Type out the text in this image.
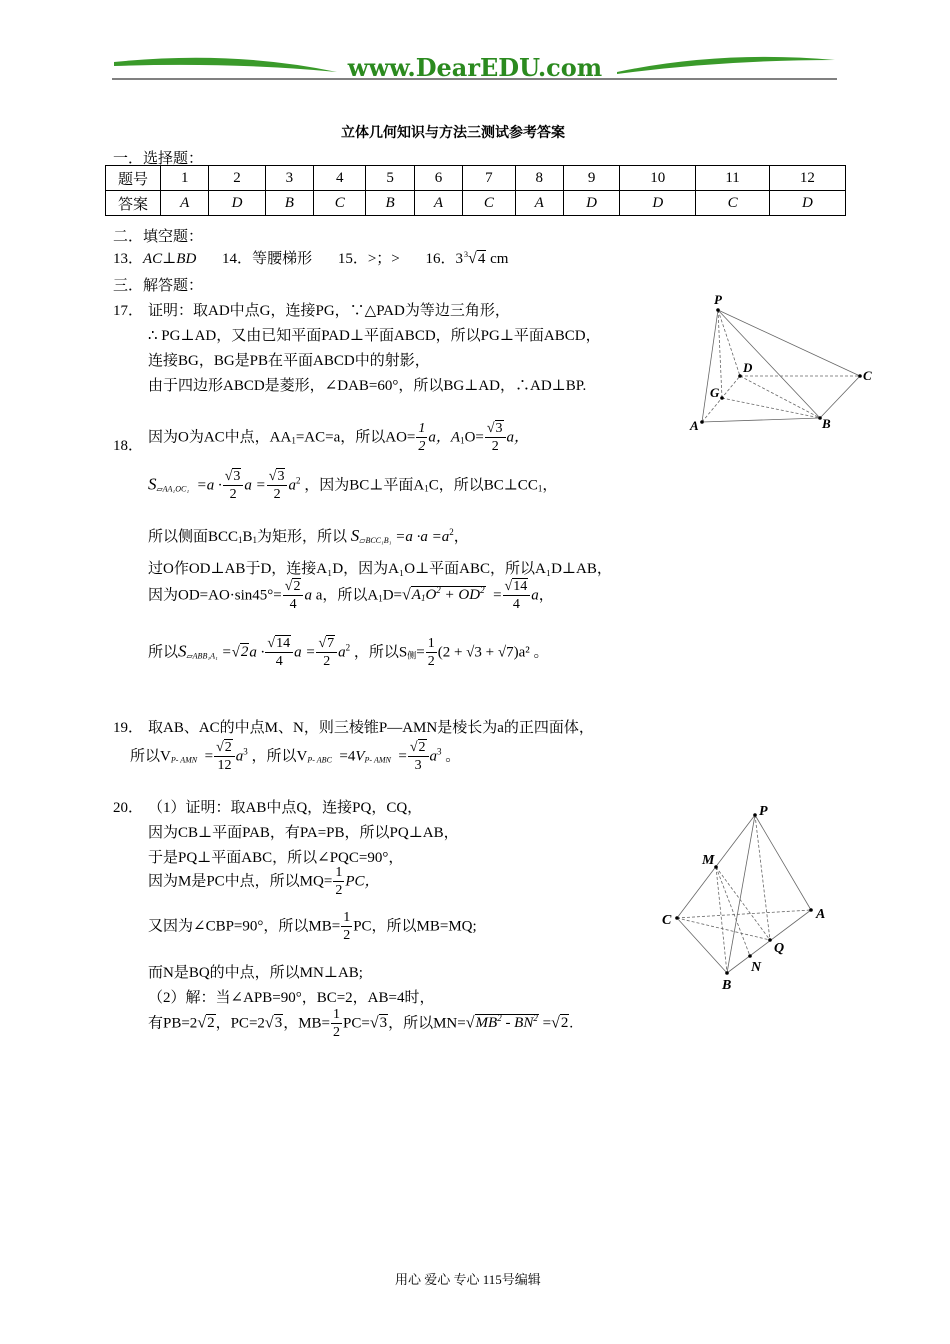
www.DearEDU.com
立体几何知识与方法三测试参考答案
一．选择题：
题号	1	2	3	4	5	6	7	8	9	10	11	12
答案	A	D	B	C	B	A	C	A	D	D	C	D
二．填空题：
13．AC⊥BD 14．等腰梯形 15．>；> 16．$3^3√4$ cm
三．解答题：
17． 证明：取AD中点G，连接PG，∵△PAD为等边三角形，
∴ PG⊥AD，又由已知平面PAD⊥平面ABCD，所以PG⊥平面ABCD，
连接BG，BG是PB在平面ABCD中的射影，
由于四边形ABCD是菱形，∠DAB=60°，所以BG⊥AD，∴AD⊥BP.
P
D
C
G
A	B
18．
因为O为AC中点，$AA_1=AC=a$，所以$AO= \frac{1}{2}$ a，$A_1O= \frac{√3}{2}$ a，
$S_{▱AA_1OC_1} =a \cdot \frac{√3}{2}$ $a = \frac{√3}{2} a^2$ ，因为BC⊥平面$A_1C$，所以$BC\perp CC_1$，
所以侧面$BCC_1B_1$为矩形，所以 $S_{▱BCC_1B_1} =a \cdot a =a^2$，
过O作OD⊥AB于D，连接A₁D，因为A₁O⊥平面ABC，所以A₁D⊥AB，
因为$OD=AO\cdot\sin 45^\circ= \frac{√2}{4}$ a a，所以$A_1D=√A_1O^2 + OD^2 = \frac{√14}{4}$ a，
所以$S_{▱ABB_1A_1} =√2a \cdot \frac{√14}{4}$ $a = \frac{√7}{2} a^2$ ，所以$S_侧= \frac{1}{2} (2 + √3 + √7)a^2$ 。
19． 取AB、AC的中点M、N，则三棱锥P—AMN是棱长为a的正四面体，
所以$V_{P- AMN} = \frac{√2}{12} a^3$ ，所以$V_{P- ABC} =4V_{P- AMN} = \frac{√2}{3} a^3$ 。
20． （1）证明：取AB中点Q，连接PQ，CQ，
因为CB⊥平面PAB，有PA=PB，所以PQ⊥AB，
于是PQ⊥平面ABC，所以∠PQC=90°，
因为M是PC中点，所以$MQ= \frac{1}{2}$ PC，
又因为∠CBP=90°，所以$MB= \frac{1}{2}$ PC，所以MB=MQ;
而N是BQ的中点，所以MN⊥AB;
（2）解：当∠APB=90°，BC=2，AB=4时，
有PB=2√2，PC=2√3，$MB= \frac{1}{2} PC=√3$，所以$MN=√MB^2 - BN^2 =√2$.
P
M
A
C
Q
N
B
用心 爱心 专心 115号编辑
